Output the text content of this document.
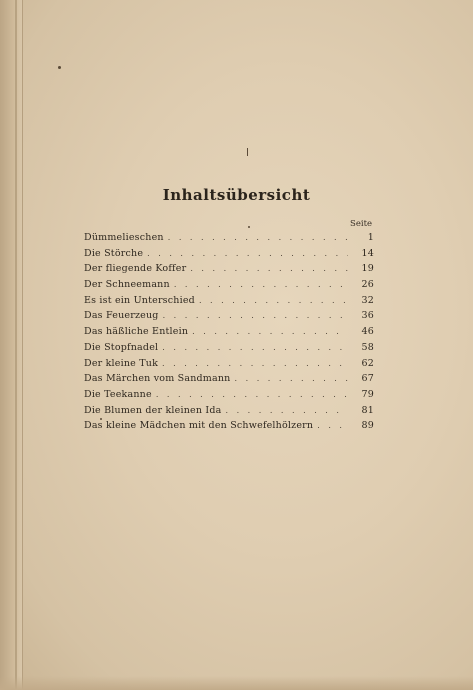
Inhaltsübersicht
Seite
Dümmelieschen . . .	1
Die Störche . . .	14
Der fliegende Koffer . . .	19
Der Schneemann . . .	26
Es ist ein Unterschied . . .	32
Das Feuerzeug . . .	36
Das häßliche Entlein . . .	46
Die Stopfnadel . . .	58
Der kleine Tuk . . .	62
Das Märchen vom Sandmann . . .	67
Die Teekanne . . .	79
Die Blumen der kleinen Ida . . .	81
Das kleine Mädchen mit den Schwefelhölzern . . .	89
